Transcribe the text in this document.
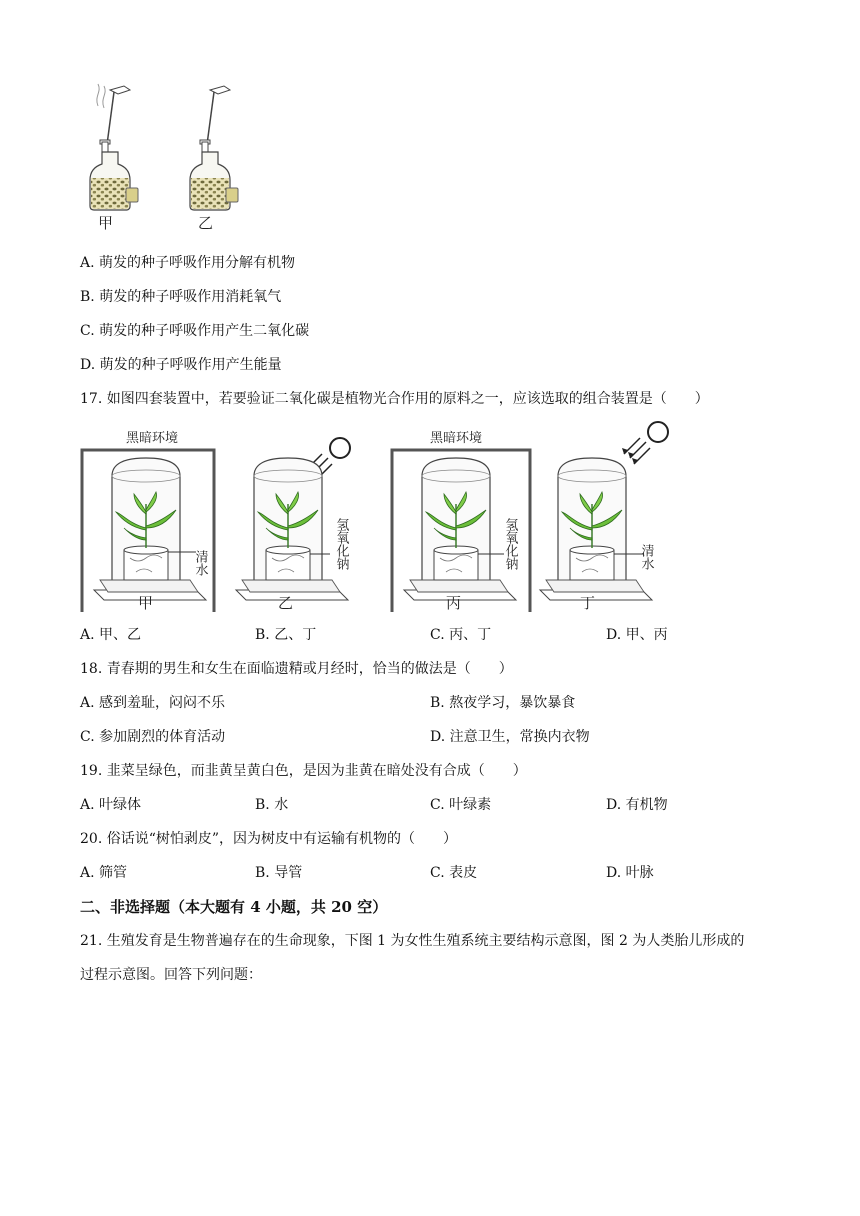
甲	乙
A. 萌发的种子呼吸作用分解有机物
B. 萌发的种子呼吸作用消耗氧气
C. 萌发的种子呼吸作用产生二氧化碳
D. 萌发的种子呼吸作用产生能量
17. 如图四套装置中，若要验证二氧化碳是植物光合作用的原料之一，应该选取的组合装置是（　　）
黑暗环境
清水	氢氧化钠
黑暗环境
氢氧化钠	清水
甲	乙	丙	丁
A. 甲、乙	B. 乙、丁	C. 丙、丁	D. 甲、丙
18. 青春期的男生和女生在面临遗精或月经时，恰当的做法是（　　）
A. 感到羞耻，闷闷不乐	B. 熬夜学习，暴饮暴食
C. 参加剧烈的体育活动	D. 注意卫生，常换内衣物
19. 韭菜呈绿色，而韭黄呈黄白色，是因为韭黄在暗处没有合成（　　）
A. 叶绿体	B. 水	C. 叶绿素	D. 有机物
20. 俗话说“树怕剥皮”，因为树皮中有运输有机物的（　　）
A. 筛管	B. 导管	C. 表皮	D. 叶脉
二、非选择题（本大题有 4 小题，共 20 空）
21. 生殖发育是生物普遍存在的生命现象，下图 1 为女性生殖系统主要结构示意图，图 2 为人类胎儿形成的
过程示意图。回答下列问题：
